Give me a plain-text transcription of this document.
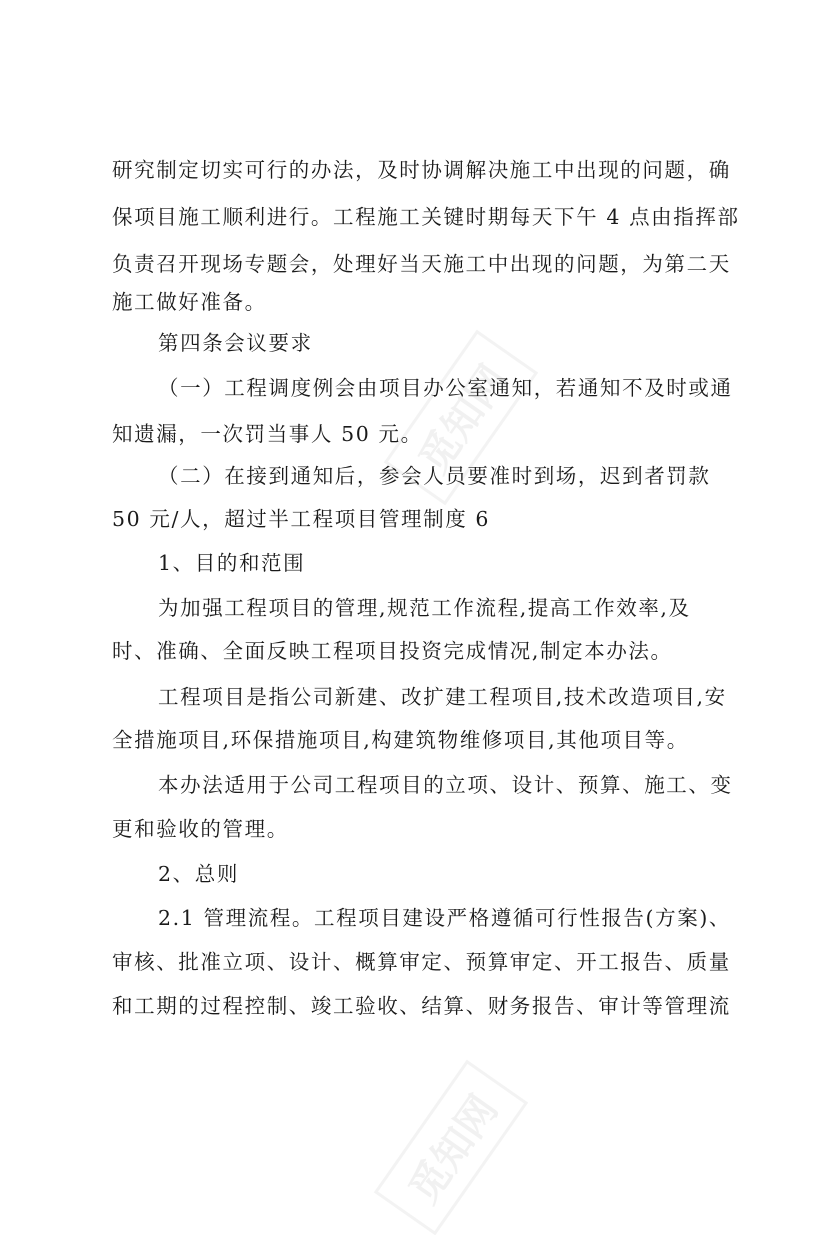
觅知网
觅知网
研究制定切实可行的办法，及时协调解决施工中出现的问题，确
保项目施工顺利进行。工程施工关键时期每天下午 4 点由指挥部
负责召开现场专题会，处理好当天施工中出现的问题，为第二天
施工做好准备。
第四条会议要求
（一）工程调度例会由项目办公室通知，若通知不及时或通
知遗漏，一次罚当事人 50 元。
（二）在接到通知后，参会人员要准时到场，迟到者罚款
50 元/人，超过半工程项目管理制度 6
1、目的和范围
为加强工程项目的管理,规范工作流程,提高工作效率,及
时、准确、全面反映工程项目投资完成情况,制定本办法。
工程项目是指公司新建、改扩建工程项目,技术改造项目,安
全措施项目,环保措施项目,构建筑物维修项目,其他项目等。
本办法适用于公司工程项目的立项、设计、预算、施工、变
更和验收的管理。
2、总则
2.1 管理流程。工程项目建设严格遵循可行性报告(方案)、
审核、批准立项、设计、概算审定、预算审定、开工报告、质量
和工期的过程控制、竣工验收、结算、财务报告、审计等管理流
